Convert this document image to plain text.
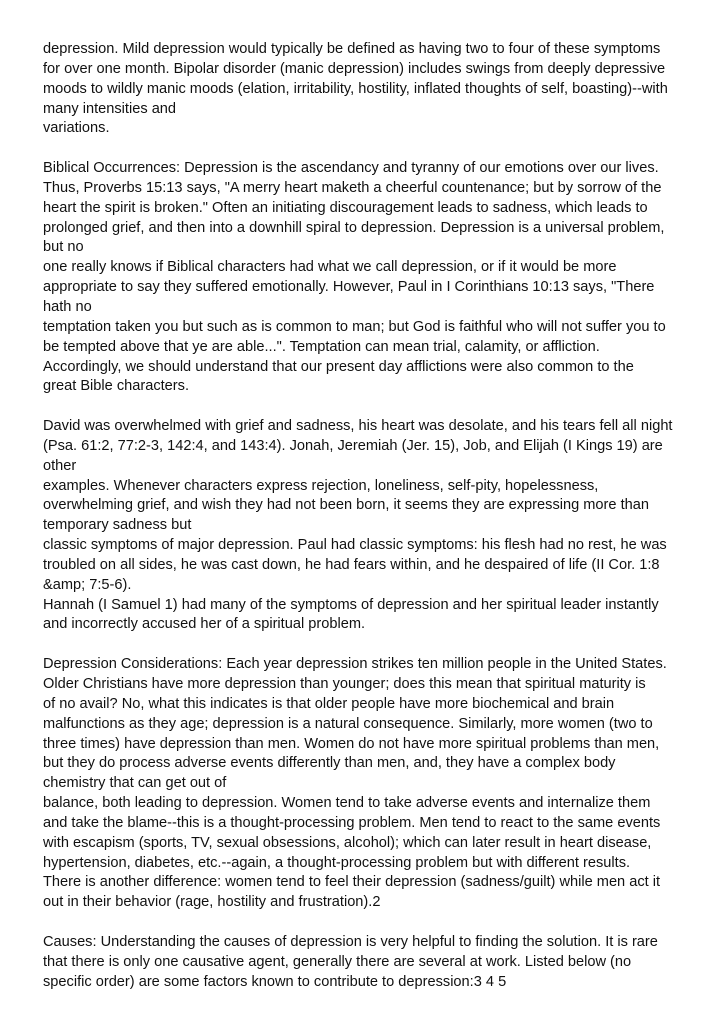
depression. Mild depression would typically be defined as having two to four of these symptoms
for over one month. Bipolar disorder (manic depression) includes swings from deeply depressive
moods to wildly manic moods (elation, irritability, hostility, inflated thoughts of self, boasting)--with
many intensities and
variations.
Biblical Occurrences: Depression is the ascendancy and tyranny of our emotions over our lives.
Thus, Proverbs 15:13 says, "A merry heart maketh a cheerful countenance; but by sorrow of the
heart the spirit is broken." Often an initiating discouragement leads to sadness, which leads to
prolonged grief, and then into a downhill spiral to depression. Depression is a universal problem,
but no
one really knows if Biblical characters had what we call depression, or if it would be more
appropriate to say they suffered emotionally. However, Paul in I Corinthians 10:13 says, "There
hath no
temptation taken you but such as is common to man; but God is faithful who will not suffer you to
be tempted above that ye are able...". Temptation can mean trial, calamity, or affliction.
Accordingly, we should understand that our present day afflictions were also common to the
great Bible characters.
David was overwhelmed with grief and sadness, his heart was desolate, and his tears fell all night
(Psa. 61:2, 77:2-3, 142:4, and 143:4). Jonah, Jeremiah (Jer. 15), Job, and Elijah (I Kings 19) are
other
examples. Whenever characters express rejection, loneliness, self-pity, hopelessness,
overwhelming grief, and wish they had not been born, it seems they are expressing more than
temporary sadness but
classic symptoms of major depression. Paul had classic symptoms: his flesh had no rest, he was
troubled on all sides, he was cast down, he had fears within, and he despaired of life (II Cor. 1:8
&amp; 7:5-6).
Hannah (I Samuel 1) had many of the symptoms of depression and her spiritual leader instantly
and incorrectly accused her of a spiritual problem.
Depression Considerations: Each year depression strikes ten million people in the United States.
Older Christians have more depression than younger; does this mean that spiritual maturity is
of no avail? No, what this indicates is that older people have more biochemical and brain
malfunctions as they age; depression is a natural consequence. Similarly, more women (two to
three times) have depression than men. Women do not have more spiritual problems than men,
but they do process adverse events differently than men, and, they have a complex body
chemistry that can get out of
balance, both leading to depression. Women tend to take adverse events and internalize them
and take the blame--this is a thought-processing problem. Men tend to react to the same events
with escapism (sports, TV, sexual obsessions, alcohol); which can later result in heart disease,
hypertension, diabetes, etc.--again, a thought-processing problem but with different results.
There is another difference: women tend to feel their depression (sadness/guilt) while men act it
out in their behavior (rage, hostility and frustration).2
Causes: Understanding the causes of depression is very helpful to finding the solution. It is rare
that there is only one causative agent, generally there are several at work. Listed below (no
specific order) are some factors known to contribute to depression:3 4 5
